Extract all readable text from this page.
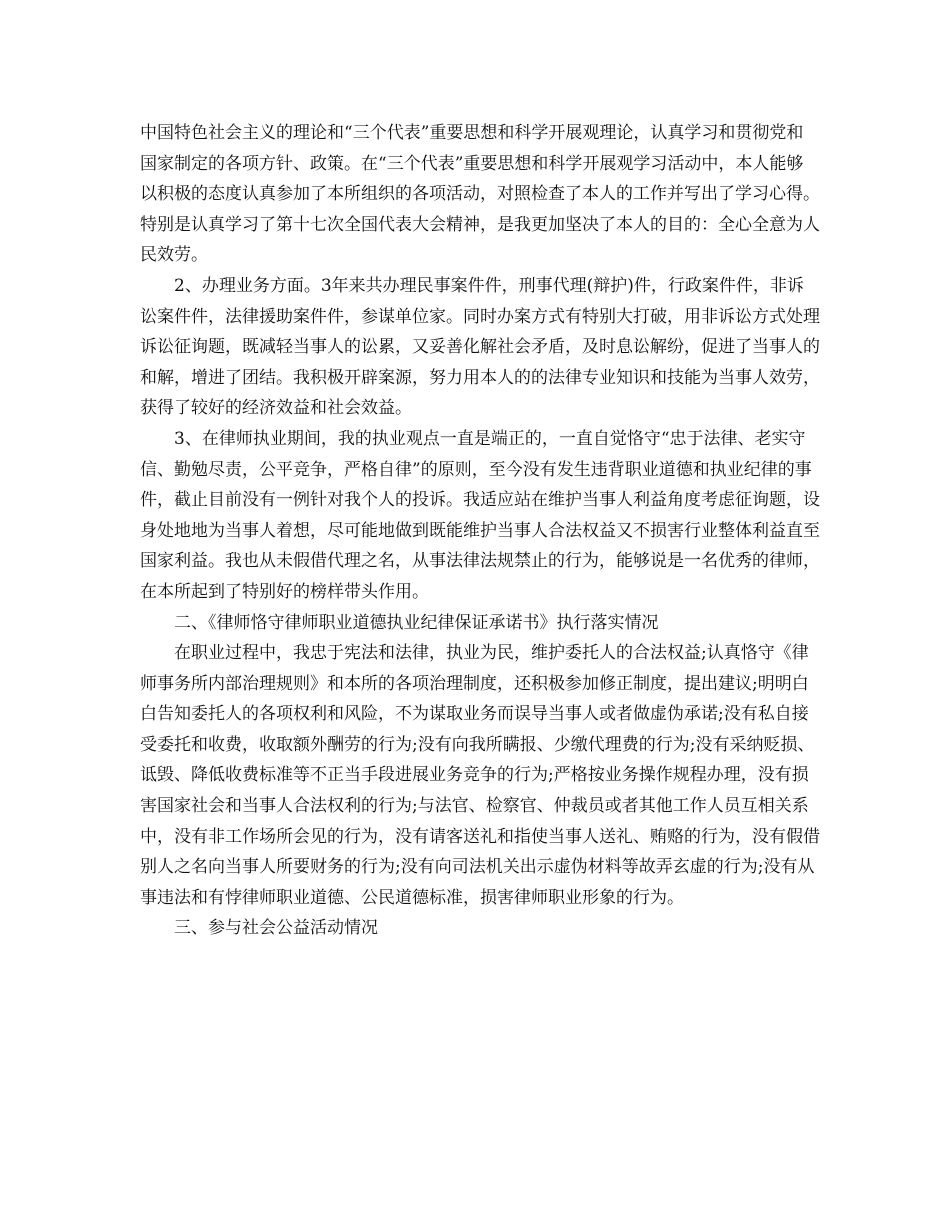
中国特色社会主义的理论和“三个代表”重要思想和科学开展观理论，认真学习和贯彻党和国家制定的各项方针、政策。在“三个代表”重要思想和科学开展观学习活动中，本人能够以积极的态度认真参加了本所组织的各项活动，对照检查了本人的工作并写出了学习心得。特别是认真学习了第十七次全国代表大会精神，是我更加坚决了本人的目的：全心全意为人民效劳。

2、办理业务方面。3年来共办理民事案件件，刑事代理(辩护)件，行政案件件，非诉讼案件件，法律援助案件件，参谋单位家。同时办案方式有特别大打破，用非诉讼方式处理诉讼征询题，既减轻当事人的讼累，又妥善化解社会矛盾，及时息讼解纷，促进了当事人的和解，增进了团结。我积极开辟案源，努力用本人的的法律专业知识和技能为当事人效劳，获得了较好的经济效益和社会效益。

3、在律师执业期间，我的执业观点一直是端正的，一直自觉恪守“忠于法律、老实守信、勤勉尽责，公平竞争，严格自律”的原则，至今没有发生违背职业道德和执业纪律的事件，截止目前没有一例针对我个人的投诉。我适应站在维护当事人利益角度考虑征询题，设身处地地为当事人着想，尽可能地做到既能维护当事人合法权益又不损害行业整体利益直至国家利益。我也从未假借代理之名，从事法律法规禁止的行为，能够说是一名优秀的律师，在本所起到了特别好的榜样带头作用。

二、《律师恪守律师职业道德执业纪律保证承诺书》执行落实情况

在职业过程中，我忠于宪法和法律，执业为民，维护委托人的合法权益;认真恪守《律师事务所内部治理规则》和本所的各项治理制度，还积极参加修正制度，提出建议;明明白白告知委托人的各项权利和风险，不为谋取业务而误导当事人或者做虚伪承诺;没有私自接受委托和收费，收取额外酬劳的行为;没有向我所瞒报、少缴代理费的行为;没有采纳贬损、诋毁、降低收费标准等不正当手段进展业务竞争的行为;严格按业务操作规程办理，没有损害国家社会和当事人合法权利的行为;与法官、检察官、仲裁员或者其他工作人员互相关系中，没有非工作场所会见的行为，没有请客送礼和指使当事人送礼、贿赂的行为，没有假借别人之名向当事人所要财务的行为;没有向司法机关出示虚伪材料等故弄玄虚的行为;没有从事违法和有悖律师职业道德、公民道德标准，损害律师职业形象的行为。

三、参与社会公益活动情况
